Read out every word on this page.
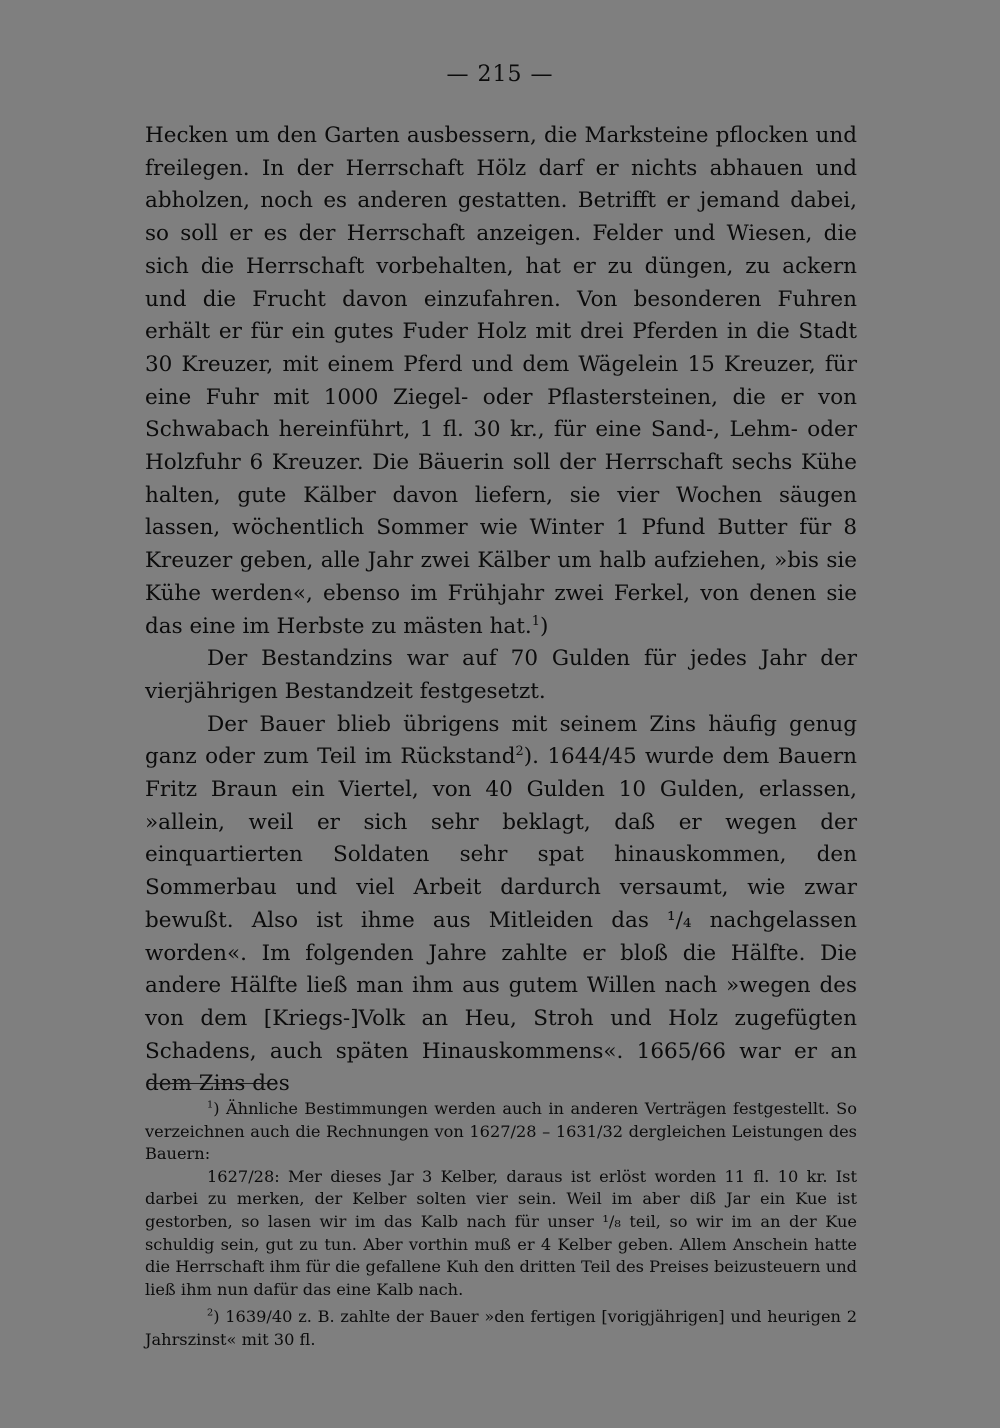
— 215 —

Hecken um den Garten ausbessern, die Marksteine pflocken und freilegen. In der Herrschaft Hölz darf er nichts abhauen und abholzen, noch es anderen gestatten. Betrifft er jemand dabei, so soll er es der Herrschaft anzeigen. Felder und Wiesen, die sich die Herrschaft vorbehalten, hat er zu düngen, zu ackern und die Frucht davon einzufahren. Von besonderen Fuhren erhält er für ein gutes Fuder Holz mit drei Pferden in die Stadt 30 Kreuzer, mit einem Pferd und dem Wägelein 15 Kreuzer, für eine Fuhr mit 1000 Ziegel- oder Pflastersteinen, die er von Schwabach hereinführt, 1 fl. 30 kr., für eine Sand-, Lehm- oder Holzfuhr 6 Kreuzer. Die Bäuerin soll der Herrschaft sechs Kühe halten, gute Kälber davon liefern, sie vier Wochen säugen lassen, wöchentlich Sommer wie Winter 1 Pfund Butter für 8 Kreuzer geben, alle Jahr zwei Kälber um halb aufziehen, »bis sie Kühe werden«, ebenso im Frühjahr zwei Ferkel, von denen sie das eine im Herbste zu mästen hat.$^1$)

Der Bestandzins war auf 70 Gulden für jedes Jahr der vierjährigen Bestandzeit festgesetzt.

Der Bauer blieb übrigens mit seinem Zins häufig genug ganz oder zum Teil im Rückstand$^2$). 1644/45 wurde dem Bauern Fritz Braun ein Viertel, von 40 Gulden 10 Gulden, erlassen, »allein, weil er sich sehr beklagt, daß er wegen der einquartierten Soldaten sehr spat hinauskommen, den Sommerbau und viel Arbeit dardurch versaumt, wie zwar bewußt. Also ist ihme aus Mitleiden das ¹/₄ nachgelassen worden«. Im folgenden Jahre zahlte er bloß die Hälfte. Die andere Hälfte ließ man ihm aus gutem Willen nach »wegen des von dem [Kriegs-]Volk an Heu, Stroh und Holz zugefügten Schadens, auch späten Hinauskommens«. 1665/66 war er an dem Zins des

$^1$) Ähnliche Bestimmungen werden auch in anderen Verträgen festgestellt. So verzeichnen auch die Rechnungen von 1627/28 – 1631/32 dergleichen Leistungen des Bauern:

1627/28: Mer dieses Jar 3 Kelber, daraus ist erlöst worden 11 fl. 10 kr. Ist darbei zu merken, der Kelber solten vier sein. Weil im aber diß Jar ein Kue ist gestorben, so lasen wir im das Kalb nach für unser ¹/₈ teil, so wir im an der Kue schuldig sein, gut zu tun. Aber vorthin muß er 4 Kelber geben. Allem Anschein hatte die Herrschaft ihm für die gefallene Kuh den dritten Teil des Preises beizusteuern und ließ ihm nun dafür das eine Kalb nach.

$^2$) 1639/40 z. B. zahlte der Bauer »den fertigen [vorigjährigen] und heurigen 2 Jahrszinst« mit 30 fl.
